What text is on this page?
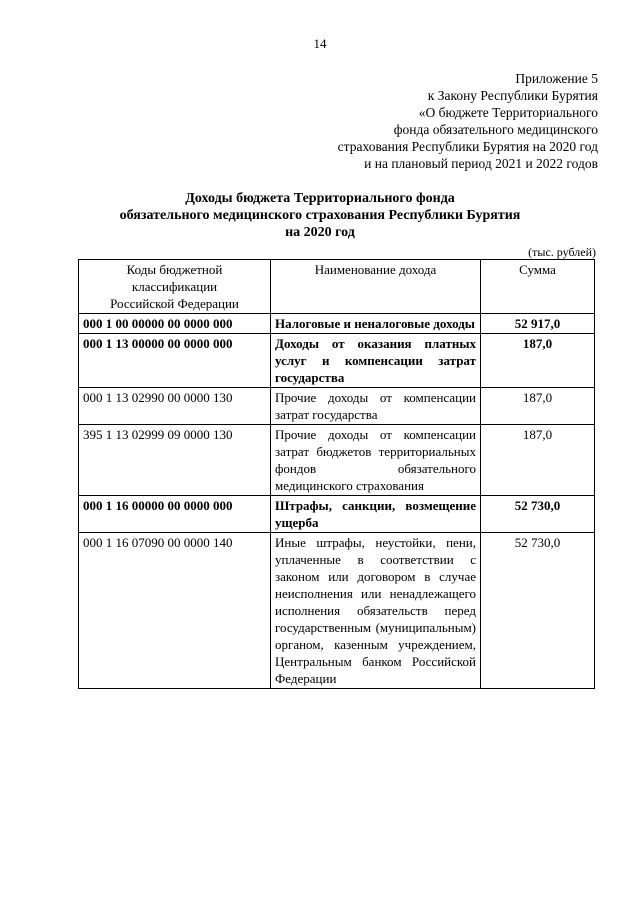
14
Приложение 5
к Закону Республики Бурятия
«О бюджете Территориального
фонда обязательного медицинского
страхования Республики Бурятия на 2020 год
и на плановый период 2021 и 2022 годов
Доходы бюджета Территориального фонда
обязательного медицинского страхования Республики Бурятия
на 2020 год
(тыс. рублей)
Коды бюджетной
классификации
Российской Федерации	Наименование дохода	Сумма
000 1 00 00000 00 0000 000	Налоговые и неналоговые доходы	52 917,0
000 1 13 00000 00 0000 000	Доходы от оказания платных услуг и компенсации затрат государства	187,0
000 1 13 02990 00 0000 130	Прочие доходы от компенсации затрат государства	187,0
395 1 13 02999 09 0000 130	Прочие доходы от компенсации затрат бюджетов территориальных фондов обязательного медицинского страхования	187,0
000 1 16 00000 00 0000 000	Штрафы, санкции, возмещение ущерба	52 730,0
000 1 16 07090 00 0000 140	Иные штрафы, неустойки, пени, уплаченные в соответствии с законом или договором в случае неисполнения или ненадлежащего исполнения обязательств перед государственным (муниципальным) органом, казенным учреждением, Центральным банком Российской Федерации	52 730,0
